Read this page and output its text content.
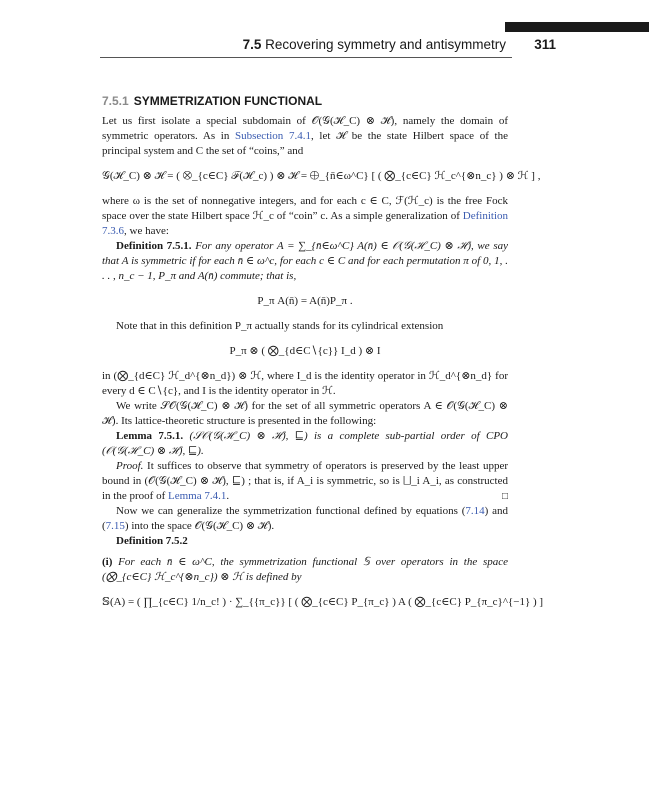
7.5 Recovering symmetry and antisymmetry 311
7.5.1 SYMMETRIZATION FUNCTIONAL

Let us first isolate a special subdomain of 𝒪(𝒢(ℋ_C) ⊗ ℋ), namely the domain of symmetric operators. As in Subsection 7.4.1, let ℋ be the state Hilbert space of the principal system and C the set of “coins,” and

𝒢(ℋ_C) ⊗ ℋ = ( ⨂_{c∈C} ℱ(ℋ_c) ) ⊗ ℋ = ⨁_{n̄∈ω^C} [ ( ⨂_{c∈C} ℋ_c^{⊗n_c} ) ⊗ ℋ ] ,

where ω is the set of nonnegative integers, and for each c ∈ C, ℱ(ℋ_c) is the free Fock space over the state Hilbert space ℋ_c of “coin” c. As a simple generalization of Definition 7.3.6, we have:

Definition 7.5.1. For any operator A = ∑_{n̄∈ω^C} A(n̄) ∈ 𝒪(𝒢(ℋ_C) ⊗ ℋ), we say that A is symmetric if for each n̄ ∈ ω^c, for each c ∈ C and for each permutation π of 0, 1, . . . , n_c − 1, P_π and A(n̄) commute; that is,

P_π A(n̄) = A(n̄)P_π .

Note that in this definition P_π actually stands for its cylindrical extension

P_π ⊗ ( ⨂_{d∈C∖{c}} I_d ) ⊗ I

in (⨂_{d∈C} ℋ_d^{⊗n_d}) ⊗ ℋ, where I_d is the identity operator in ℋ_d^{⊗n_d} for every d ∈ C∖{c}, and I is the identity operator in ℋ.

We write 𝒮𝒪(𝒢(ℋ_C) ⊗ ℋ) for the set of all symmetric operators A ∈ 𝒪(𝒢(ℋ_C) ⊗ ℋ). Its lattice-theoretic structure is presented in the following:

Lemma 7.5.1. (𝒮𝒪(𝒢(ℋ_C) ⊗ ℋ), ⊑) is a complete sub-partial order of CPO (𝒪(𝒢(ℋ_C) ⊗ ℋ), ⊑).

Proof. It suffices to observe that symmetry of operators is preserved by the least upper bound in (𝒪(𝒢(ℋ_C) ⊗ ℋ), ⊑) ; that is, if A_i is symmetric, so is ⨆_i A_i, as constructed in the proof of Lemma 7.4.1.	□

Now we can generalize the symmetrization functional defined by equations (7.14) and (7.15) into the space 𝒪(𝒢(ℋ_C) ⊗ ℋ).

Definition 7.5.2

(i) For each n̄ ∈ ω^C, the symmetrization functional 𝕊 over operators in the space (⨂_{c∈C} ℋ_c^{⊗n_c}) ⊗ ℋ is defined by

𝕊(A) = ( ∏_{c∈C} 1/n_c! ) · ∑_{{π_c}} [ ( ⨂_{c∈C} P_{π_c} ) A ( ⨂_{c∈C} P_{π_c}^{−1} ) ]
